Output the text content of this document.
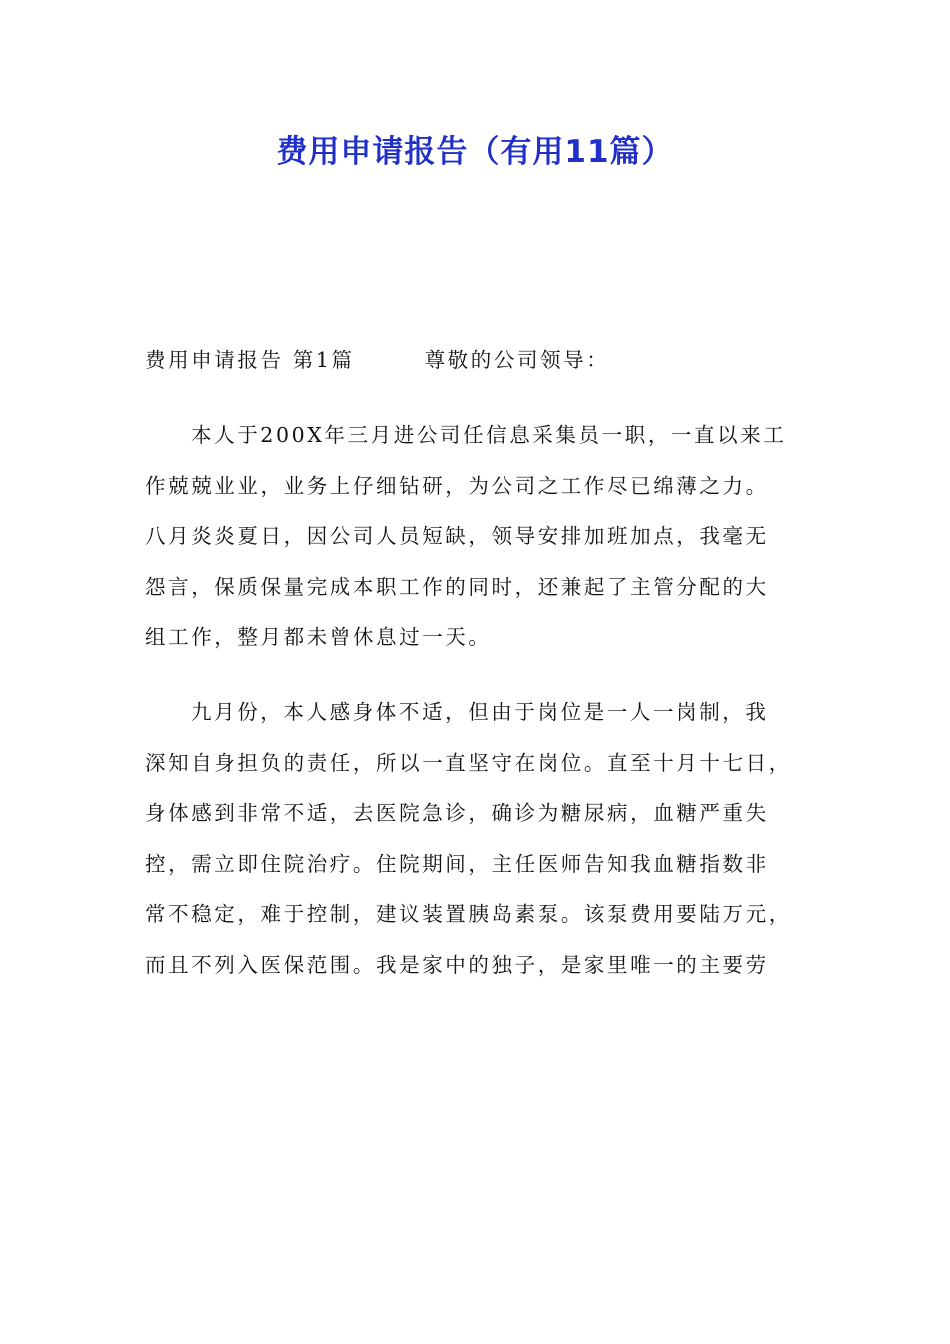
费用申请报告（有用11篇）
费用申请报告 第1篇	尊敬的公司领导：
本人于200X年三月进公司任信息采集员一职，一直以来工
作兢兢业业，业务上仔细钻研，为公司之工作尽已绵薄之力。
八月炎炎夏日，因公司人员短缺，领导安排加班加点，我毫无
怨言，保质保量完成本职工作的同时，还兼起了主管分配的大
组工作，整月都未曾休息过一天。
九月份，本人感身体不适，但由于岗位是一人一岗制，我
深知自身担负的责任，所以一直坚守在岗位。直至十月十七日，
身体感到非常不适，去医院急诊，确诊为糖尿病，血糖严重失
控，需立即住院治疗。住院期间，主任医师告知我血糖指数非
常不稳定，难于控制，建议装置胰岛素泵。该泵费用要陆万元，
而且不列入医保范围。我是家中的独子，是家里唯一的主要劳
